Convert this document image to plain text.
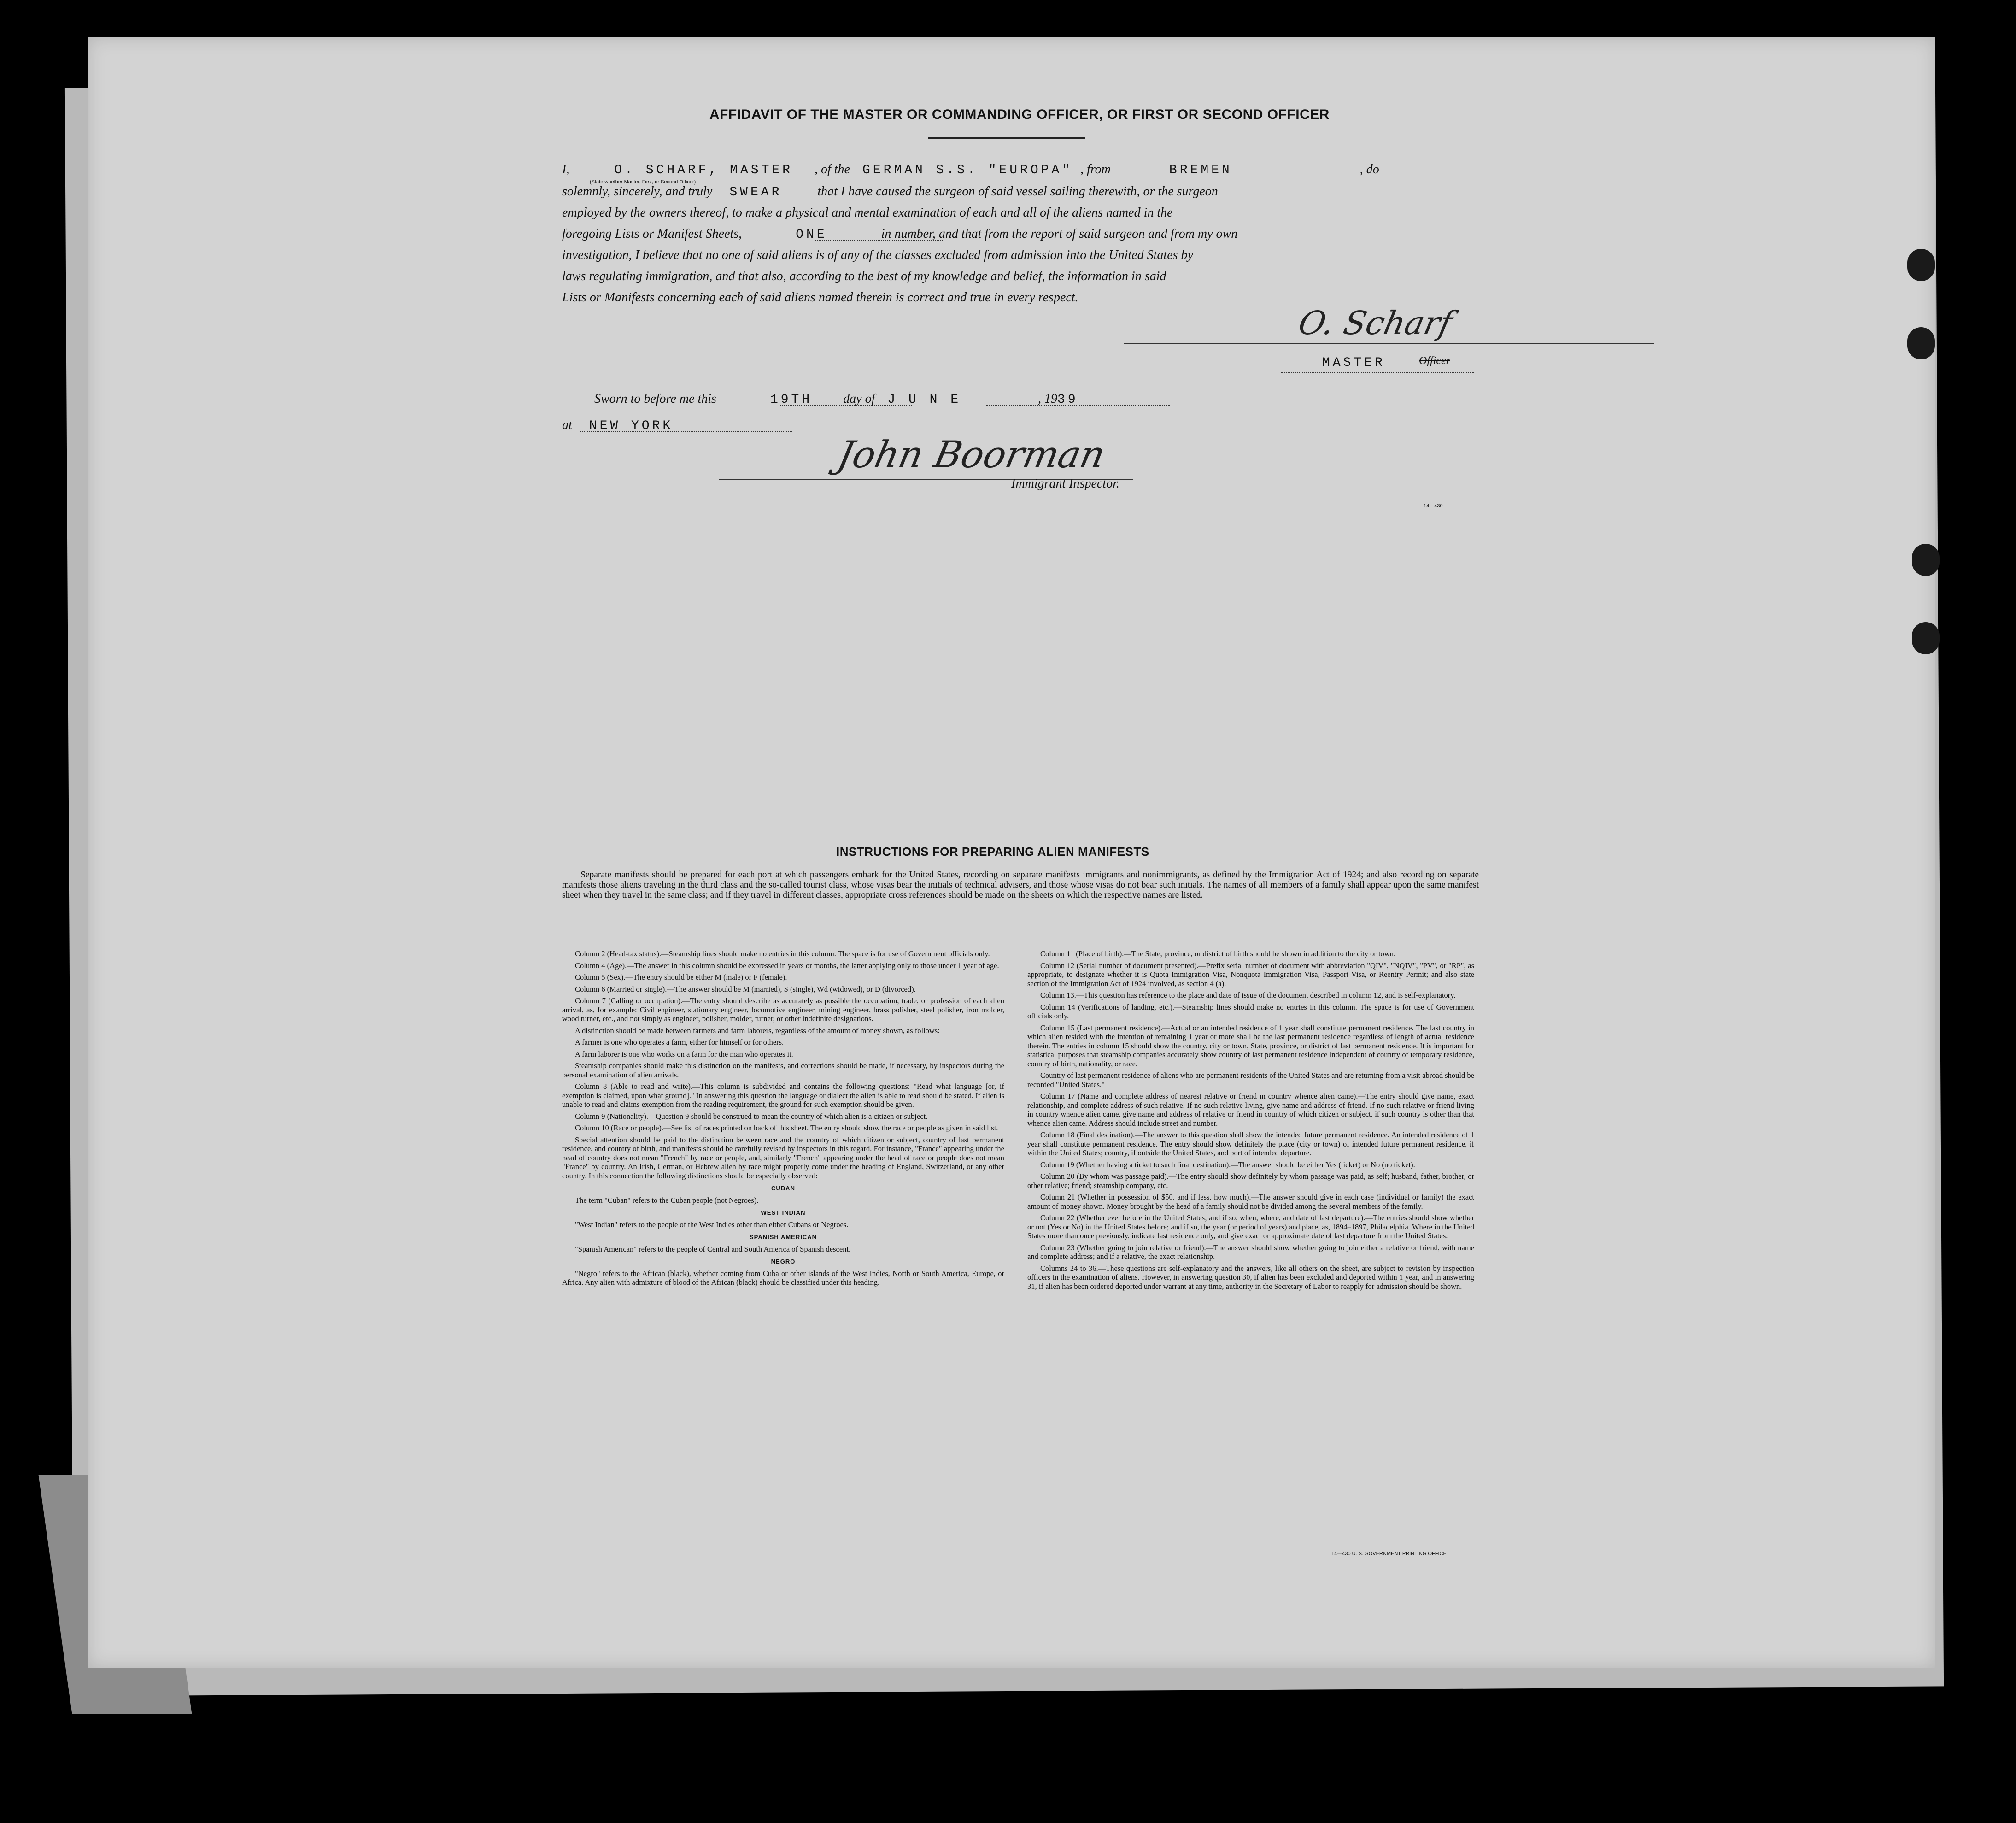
AFFIDAVIT OF THE MASTER OR COMMANDING OFFICER, OR FIRST OR SECOND OFFICER
I,	O. SCHARF, MASTER , of the GERMAN S.S. "EUROPA" , from	BREMEN	, do
(State whether Master, First, or Second Officer)
solemnly, sincerely, and truly SWEAR	that I have caused the surgeon of said vessel sailing therewith, or the surgeon
employed by the owners thereof, to make a physical and mental examination of each and all of the aliens named in the
foregoing Lists or Manifest Sheets,	ONE	in number, and that from the report of said surgeon and from my own
investigation, I believe that no one of said aliens is of any of the classes excluded from admission into the United States by
laws regulating immigration, and that also, according to the best of my knowledge and belief, the information in said
Lists or Manifests concerning each of said aliens named therein is correct and true in every respect.
O. Scharf
MASTER	Officer
Sworn to before me this	19TH day of J U N E	, 1939
at NEW YORK
John Boorman
Immigrant Inspector.
14—430
INSTRUCTIONS FOR PREPARING ALIEN MANIFESTS

Separate manifests should be prepared for each port at which passengers embark for the United States, recording on separate manifests immigrants and nonimmigrants, as defined by the Immigration Act of 1924; and also recording on separate manifests those aliens traveling in the third class and the so-called tourist class, whose visas bear the initials of technical advisers, and those whose visas do not bear such initials. The names of all members of a family shall appear upon the same manifest sheet when they travel in the same class; and if they travel in different classes, appropriate cross references should be made on the sheets on which the respective names are listed.

Column 2 (Head-tax status).—Steamship lines should make no entries in this column. The space is for use of Government officials only.

Column 4 (Age).—The answer in this column should be expressed in years or months, the latter applying only to those under 1 year of age.

Column 5 (Sex).—The entry should be either M (male) or F (female).

Column 6 (Married or single).—The answer should be M (married), S (single), Wd (widowed), or D (divorced).

Column 7 (Calling or occupation).—The entry should describe as accurately as possible the occupation, trade, or profession of each alien arrival, as, for example: Civil engineer, stationary engineer, locomotive engineer, mining engineer, brass polisher, steel polisher, iron molder, wood turner, etc., and not simply as engineer, polisher, molder, turner, or other indefinite designations.

A distinction should be made between farmers and farm laborers, regardless of the amount of money shown, as follows:

A farmer is one who operates a farm, either for himself or for others.

A farm laborer is one who works on a farm for the man who operates it.

Steamship companies should make this distinction on the manifests, and corrections should be made, if necessary, by inspectors during the personal examination of alien arrivals.

Column 8 (Able to read and write).—This column is subdivided and contains the following questions: "Read what language [or, if exemption is claimed, upon what ground]." In answering this question the language or dialect the alien is able to read should be stated. If alien is unable to read and claims exemption from the reading requirement, the ground for such exemption should be given.

Column 9 (Nationality).—Question 9 should be construed to mean the country of which alien is a citizen or subject.

Column 10 (Race or people).—See list of races printed on back of this sheet. The entry should show the race or people as given in said list.

Special attention should be paid to the distinction between race and the country of which citizen or subject, country of last permanent residence, and country of birth, and manifests should be carefully revised by inspectors in this regard. For instance, "France" appearing under the head of country does not mean "French" by race or people, and, similarly "French" appearing under the head of race or people does not mean "France" by country. An Irish, German, or Hebrew alien by race might properly come under the heading of England, Switzerland, or any other country. In this connection the following distinctions should be especially observed:

CUBAN

The term "Cuban" refers to the Cuban people (not Negroes).

WEST INDIAN

"West Indian" refers to the people of the West Indies other than either Cubans or Negroes.

SPANISH AMERICAN

"Spanish American" refers to the people of Central and South America of Spanish descent.

NEGRO

"Negro" refers to the African (black), whether coming from Cuba or other islands of the West Indies, North or South America, Europe, or Africa. Any alien with admixture of blood of the African (black) should be classified under this heading.

Column 11 (Place of birth).—The State, province, or district of birth should be shown in addition to the city or town.

Column 12 (Serial number of document presented).—Prefix serial number of document with abbreviation "QIV", "NQIV", "PV", or "RP", as appropriate, to designate whether it is Quota Immigration Visa, Nonquota Immigration Visa, Passport Visa, or Reentry Permit; and also state section of the Immigration Act of 1924 involved, as section 4 (a).

Column 13.—This question has reference to the place and date of issue of the document described in column 12, and is self-explanatory.

Column 14 (Verifications of landing, etc.).—Steamship lines should make no entries in this column. The space is for use of Government officials only.

Column 15 (Last permanent residence).—Actual or an intended residence of 1 year shall constitute permanent residence. The last country in which alien resided with the intention of remaining 1 year or more shall be the last permanent residence regardless of length of actual residence therein. The entries in column 15 should show the country, city or town, State, province, or district of last permanent residence. It is important for statistical purposes that steamship companies accurately show country of last permanent residence independent of country of temporary residence, country of birth, nationality, or race.

Country of last permanent residence of aliens who are permanent residents of the United States and are returning from a visit abroad should be recorded "United States."

Column 17 (Name and complete address of nearest relative or friend in country whence alien came).—The entry should give name, exact relationship, and complete address of such relative. If no such relative living, give name and address of friend. If no such relative or friend living in country whence alien came, give name and address of relative or friend in country of which citizen or subject, if such country is other than that whence alien came. Address should include street and number.

Column 18 (Final destination).—The answer to this question shall show the intended future permanent residence. An intended residence of 1 year shall constitute permanent residence. The entry should show definitely the place (city or town) of intended future permanent residence, if within the United States; country, if outside the United States, and port of intended departure.

Column 19 (Whether having a ticket to such final destination).—The answer should be either Yes (ticket) or No (no ticket).

Column 20 (By whom was passage paid).—The entry should show definitely by whom passage was paid, as self; husband, father, brother, or other relative; friend; steamship company, etc.

Column 21 (Whether in possession of $50, and if less, how much).—The answer should give in each case (individual or family) the exact amount of money shown. Money brought by the head of a family should not be divided among the several members of the family.

Column 22 (Whether ever before in the United States; and if so, when, where, and date of last departure).—The entries should show whether or not (Yes or No) in the United States before; and if so, the year (or period of years) and place, as, 1894–1897, Philadelphia. Where in the United States more than once previously, indicate last residence only, and give exact or approximate date of last departure from the United States.

Column 23 (Whether going to join relative or friend).—The answer should show whether going to join either a relative or friend, with name and complete address; and if a relative, the exact relationship.

Columns 24 to 36.—These questions are self-explanatory and the answers, like all others on the sheet, are subject to revision by inspection officers in the examination of aliens. However, in answering question 30, if alien has been excluded and deported within 1 year, and in answering 31, if alien has been ordered deported under warrant at any time, authority in the Secretary of Labor to reapply for admission should be shown.

14—430 U. S. GOVERNMENT PRINTING OFFICE
